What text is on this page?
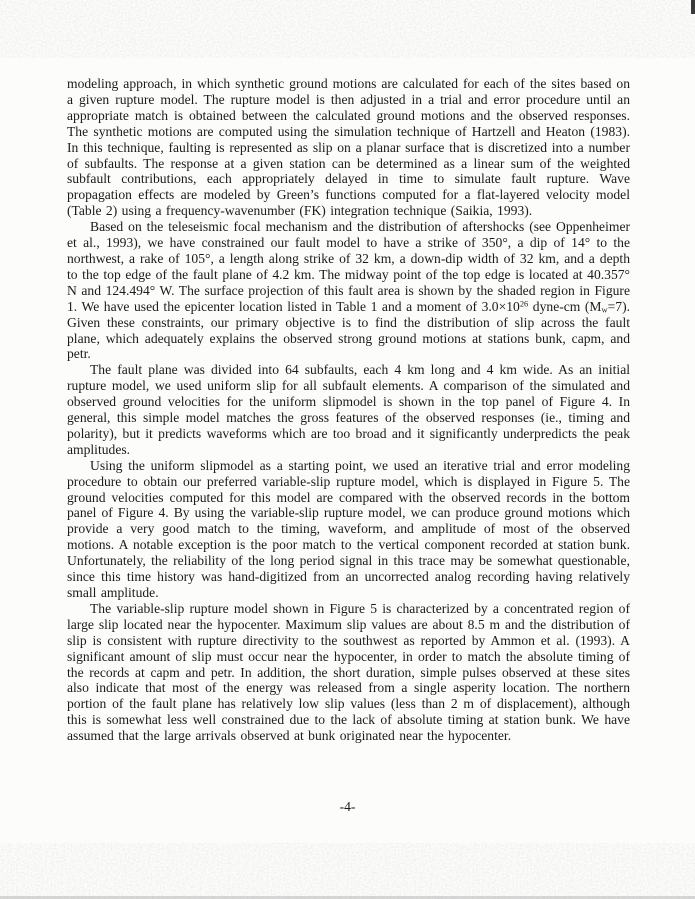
modeling approach, in which synthetic ground motions are calculated for each of the sites based on a given rupture model. The rupture model is then adjusted in a trial and error procedure until an appropriate match is obtained between the calculated ground motions and the observed responses. The synthetic motions are computed using the simulation technique of Hartzell and Heaton (1983). In this technique, faulting is represented as slip on a planar surface that is discretized into a number of subfaults. The response at a given station can be determined as a linear sum of the weighted subfault contributions, each appropriately delayed in time to simulate fault rupture. Wave propagation effects are modeled by Green’s functions computed for a flat-layered velocity model (Table 2) using a frequency-wavenumber (FK) integration technique (Saikia, 1993).

Based on the teleseismic focal mechanism and the distribution of aftershocks (see Oppenheimer et al., 1993), we have constrained our fault model to have a strike of 350°, a dip of 14° to the northwest, a rake of 105°, a length along strike of 32 km, a down-dip width of 32 km, and a depth to the top edge of the fault plane of 4.2 km. The midway point of the top edge is located at 40.357° N and 124.494° W. The surface projection of this fault area is shown by the shaded region in Figure 1. We have used the epicenter location listed in Table 1 and a moment of $3.0\times 10^{26}$ dyne-cm $(M_w=7)$. Given these constraints, our primary objective is to find the distribution of slip across the fault plane, which adequately explains the observed strong ground motions at stations bunk, capm, and petr.

The fault plane was divided into 64 subfaults, each 4 km long and 4 km wide. As an initial rupture model, we used uniform slip for all subfault elements. A comparison of the simulated and observed ground velocities for the uniform slipmodel is shown in the top panel of Figure 4. In general, this simple model matches the gross features of the observed responses (ie., timing and polarity), but it predicts waveforms which are too broad and it significantly underpredicts the peak amplitudes.

Using the uniform slipmodel as a starting point, we used an iterative trial and error modeling procedure to obtain our preferred variable-slip rupture model, which is displayed in Figure 5. The ground velocities computed for this model are compared with the observed records in the bottom panel of Figure 4. By using the variable-slip rupture model, we can produce ground motions which provide a very good match to the timing, waveform, and amplitude of most of the observed motions. A notable exception is the poor match to the vertical component recorded at station bunk. Unfortunately, the reliability of the long period signal in this trace may be somewhat questionable, since this time history was hand-digitized from an uncorrected analog recording having relatively small amplitude.

The variable-slip rupture model shown in Figure 5 is characterized by a concentrated region of large slip located near the hypocenter. Maximum slip values are about 8.5 m and the distribution of slip is consistent with rupture directivity to the southwest as reported by Ammon et al. (1993). A significant amount of slip must occur near the hypocenter, in order to match the absolute timing of the records at capm and petr. In addition, the short duration, simple pulses observed at these sites also indicate that most of the energy was released from a single asperity location. The northern portion of the fault plane has relatively low slip values (less than 2 m of displacement), although this is somewhat less well constrained due to the lack of absolute timing at station bunk. We have assumed that the large arrivals observed at bunk originated near the hypocenter.

-4-
